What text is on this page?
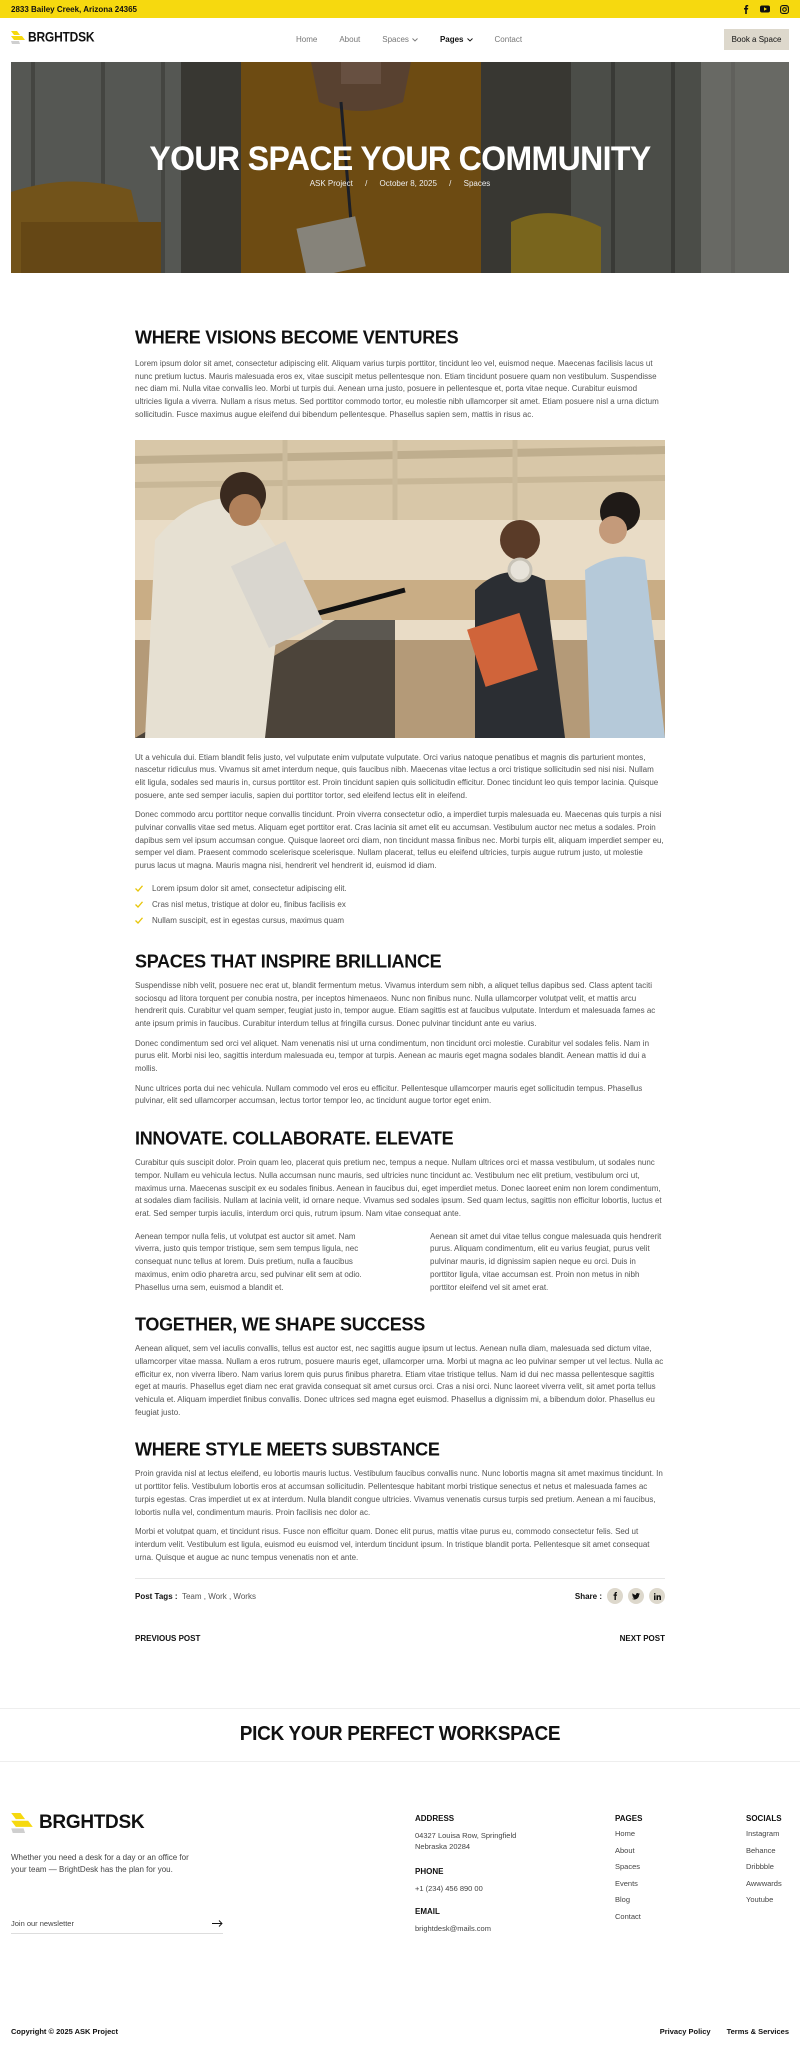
2833 Bailey Creek, Arizona 24365
BRGHTDSK	Home	About	Spaces	Pages	Contact	Book a Space
YOUR SPACE YOUR COMMUNITY
ASK Project / October 8, 2025 / Spaces
WHERE VISIONS BECOME VENTURES

Lorem ipsum dolor sit amet, consectetur adipiscing elit. Aliquam varius turpis porttitor, tincidunt leo vel, euismod neque. Maecenas facilisis lacus ut nunc pretium luctus. Mauris malesuada eros ex, vitae suscipit metus pellentesque non. Etiam tincidunt posuere quam non vestibulum. Suspendisse nec diam mi. Nulla vitae convallis leo. Morbi ut turpis dui. Aenean urna justo, posuere in pellentesque et, porta vitae neque. Curabitur euismod ultricies ligula a viverra. Nullam a risus metus. Sed porttitor commodo tortor, eu molestie nibh ullamcorper sit amet. Etiam posuere nisl a urna dictum sollicitudin. Fusce maximus augue eleifend dui bibendum pellentesque. Phasellus sapien sem, mattis in risus ac.

Ut a vehicula dui. Etiam blandit felis justo, vel vulputate enim vulputate vulputate. Orci varius natoque penatibus et magnis dis parturient montes, nascetur ridiculus mus. Vivamus sit amet interdum neque, quis faucibus nibh. Maecenas vitae lectus a orci tristique sollicitudin sed nisi nisi. Nullam elit ligula, sodales sed mauris in, cursus porttitor est. Proin tincidunt sapien quis sollicitudin efficitur. Donec tincidunt leo quis tempor lacinia. Quisque posuere, ante sed semper iaculis, sapien dui porttitor tortor, sed eleifend lectus elit in eleifend.

Donec commodo arcu porttitor neque convallis tincidunt. Proin viverra consectetur odio, a imperdiet turpis malesuada eu. Maecenas quis turpis a nisi pulvinar convallis vitae sed metus. Aliquam eget porttitor erat. Cras lacinia sit amet elit eu accumsan. Vestibulum auctor nec metus a sodales. Proin dapibus sem vel ipsum accumsan congue. Quisque laoreet orci diam, non tincidunt massa finibus nec. Morbi turpis elit, aliquam imperdiet semper eu, semper vel diam. Praesent commodo scelerisque scelerisque. Nullam placerat, tellus eu eleifend ultricies, turpis augue rutrum justo, ut molestie purus lacus ut magna. Mauris magna nisi, hendrerit vel hendrerit id, euismod id diam.

Lorem ipsum dolor sit amet, consectetur adipiscing elit.
Cras nisl metus, tristique at dolor eu, finibus facilisis ex
Nullam suscipit, est in egestas cursus, maximus quam
SPACES THAT INSPIRE BRILLIANCE

Suspendisse nibh velit, posuere nec erat ut, blandit fermentum metus. Vivamus interdum sem nibh, a aliquet tellus dapibus sed. Class aptent taciti sociosqu ad litora torquent per conubia nostra, per inceptos himenaeos. Nunc non finibus nunc. Nulla ullamcorper volutpat velit, et mattis arcu hendrerit quis. Curabitur vel quam semper, feugiat justo in, tempor augue. Etiam sagittis est at faucibus vulputate. Interdum et malesuada fames ac ante ipsum primis in faucibus. Curabitur interdum tellus at fringilla cursus. Donec pulvinar tincidunt ante eu varius.

Donec condimentum sed orci vel aliquet. Nam venenatis nisi ut urna condimentum, non tincidunt orci molestie. Curabitur vel sodales felis. Nam in purus elit. Morbi nisi leo, sagittis interdum malesuada eu, tempor at turpis. Aenean ac mauris eget magna sodales blandit. Aenean mattis id dui a mollis.

Nunc ultrices porta dui nec vehicula. Nullam commodo vel eros eu efficitur. Pellentesque ullamcorper mauris eget sollicitudin tempus. Phasellus pulvinar, elit sed ullamcorper accumsan, lectus tortor tempor leo, ac tincidunt augue tortor eget enim.

INNOVATE. COLLABORATE. ELEVATE

Curabitur quis suscipit dolor. Proin quam leo, placerat quis pretium nec, tempus a neque. Nullam ultrices orci et massa vestibulum, ut sodales nunc tempor. Nullam eu vehicula lectus. Nulla accumsan nunc mauris, sed ultricies nunc tincidunt ac. Vestibulum nec elit pretium, vestibulum orci ut, maximus urna. Maecenas suscipit ex eu sodales finibus. Aenean in faucibus dui, eget imperdiet metus. Donec laoreet enim non lorem condimentum, at sodales diam facilisis. Nullam at lacinia velit, id ornare neque. Vivamus sed sodales ipsum. Sed quam lectus, sagittis non efficitur lobortis, luctus et erat. Sed semper turpis iaculis, interdum orci quis, rutrum ipsum. Nam vitae consequat ante.

Aenean tempor nulla felis, ut volutpat est auctor sit amet. Nam viverra, justo quis tempor tristique, sem sem tempus ligula, nec consequat nunc tellus at lorem. Duis pretium, nulla a faucibus maximus, enim odio pharetra arcu, sed pulvinar elit sem at odio. Phasellus urna sem, euismod a blandit et.

Aenean sit amet dui vitae tellus congue malesuada quis hendrerit purus. Aliquam condimentum, elit eu varius feugiat, purus velit pulvinar mauris, id dignissim sapien neque eu orci. Duis in porttitor ligula, vitae accumsan est. Proin non metus in nibh porttitor eleifend vel sit amet erat.

TOGETHER, WE SHAPE SUCCESS

Aenean aliquet, sem vel iaculis convallis, tellus est auctor est, nec sagittis augue ipsum ut lectus. Aenean nulla diam, malesuada sed dictum vitae, ullamcorper vitae massa. Nullam a eros rutrum, posuere mauris eget, ullamcorper urna. Morbi ut magna ac leo pulvinar semper ut vel lectus. Nulla ac efficitur ex, non viverra libero. Nam varius lorem quis purus finibus pharetra. Etiam vitae tristique tellus. Nam id dui nec massa pellentesque sagittis eget at mauris. Phasellus eget diam nec erat gravida consequat sit amet cursus orci. Cras a nisi orci. Nunc laoreet viverra velit, sit amet porta tellus vehicula et. Aliquam imperdiet finibus convallis. Donec ultrices sed magna eget euismod. Phasellus a dignissim mi, a bibendum dolor. Phasellus eu feugiat justo.

WHERE STYLE MEETS SUBSTANCE

Proin gravida nisl at lectus eleifend, eu lobortis mauris luctus. Vestibulum faucibus convallis nunc. Nunc lobortis magna sit amet maximus tincidunt. In ut porttitor felis. Vestibulum lobortis eros at accumsan sollicitudin. Pellentesque habitant morbi tristique senectus et netus et malesuada fames ac turpis egestas. Cras imperdiet ut ex at interdum. Nulla blandit congue ultricies. Vivamus venenatis cursus turpis sed pretium. Aenean a mi faucibus, lobortis nulla vel, condimentum mauris. Proin facilisis nec dolor ac.

Morbi et volutpat quam, et tincidunt risus. Fusce non efficitur quam. Donec elit purus, mattis vitae purus eu, commodo consectetur felis. Sed ut interdum velit. Vestibulum est ligula, euismod eu euismod vel, interdum tincidunt ipsum. In tristique blandit porta. Pellentesque sit amet consequat urna. Quisque et augue ac nunc tempus venenatis non et ante.

Post Tags : Team , Work , Works	Share :
PREVIOUS POST	NEXT POST
PICK YOUR PERFECT WORKSPACE
BRGHTDSK

Whether you need a desk for a day or an office for your team — BrightDesk has the plan for you.

Join our newsletter
ADDRESS

04327 Louisa Row, Springfield Nebraska 20284

PHONE

+1 (234) 456 890 00

EMAIL

brightdesk@mails.com

PAGES
Home
About
Spaces
Events
Blog
Contact
SOCIALS
Instagram
Behance
Dribbble
Awwwards
Youtube
Copyright © 2025 ASK Project	Privacy Policy Terms & Services
